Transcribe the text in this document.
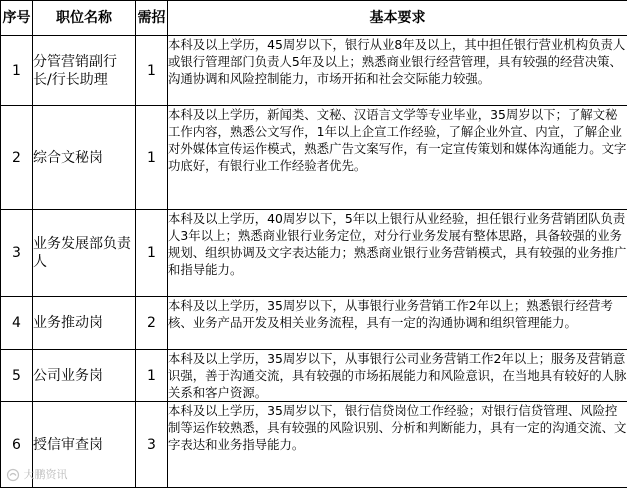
序号	职位名称	需招	基本要求
1	分管营销副行长/行长助理	1	本科及以上学历，45周岁以下，银行从业8年及以上，其中担任银行营业机构负责人或银行管理部门负责人5年及以上；熟悉商业银行经营管理，具有较强的经营决策、沟通协调和风险控制能力，市场开拓和社会交际能力较强。
2	综合文秘岗	1	本科及以上学历，新闻类、文秘、汉语言文学等专业毕业，35周岁以下；了解文秘工作内容，熟悉公文写作，1年以上企宣工作经验，了解企业外宣、内宣，了解企业对外媒体宣传运作模式，熟悉广告文案写作，有一定宣传策划和媒体沟通能力。文字功底好，有银行业工作经验者优先。
3	业务发展部负责人	1	本科及以上学历，40周岁以下，5年以上银行从业经验，担任银行业务营销团队负责人3年以上；熟悉商业银行业务定位，对分行业务发展有整体思路，具备较强的业务规划、组织协调及文字表达能力；熟悉商业银行业务营销模式，具有较强的业务推广和指导能力。
4	业务推动岗	2	本科及以上学历，35周岁以下，从事银行业务营销工作2年以上；熟悉银行经营考核、业务产品开发及相关业务流程，具有一定的沟通协调和组织管理能力。
5	公司业务岗	1	本科及以上学历，35周岁以下，从事银行公司业务营销工作2年以上；服务及营销意识强，善于沟通交流，具有较强的市场拓展能力和风险意识，在当地具有较好的人脉关系和客户资源。
6	授信审查岗	3	本科及以上学历，35周岁以下，银行信贷岗位工作经验；对银行信贷管理、风险控制等运作较熟悉，具有较强的风险识别、分析和判断能力，具有一定的沟通交流、文字表达和业务指导能力。
大鹏资讯
